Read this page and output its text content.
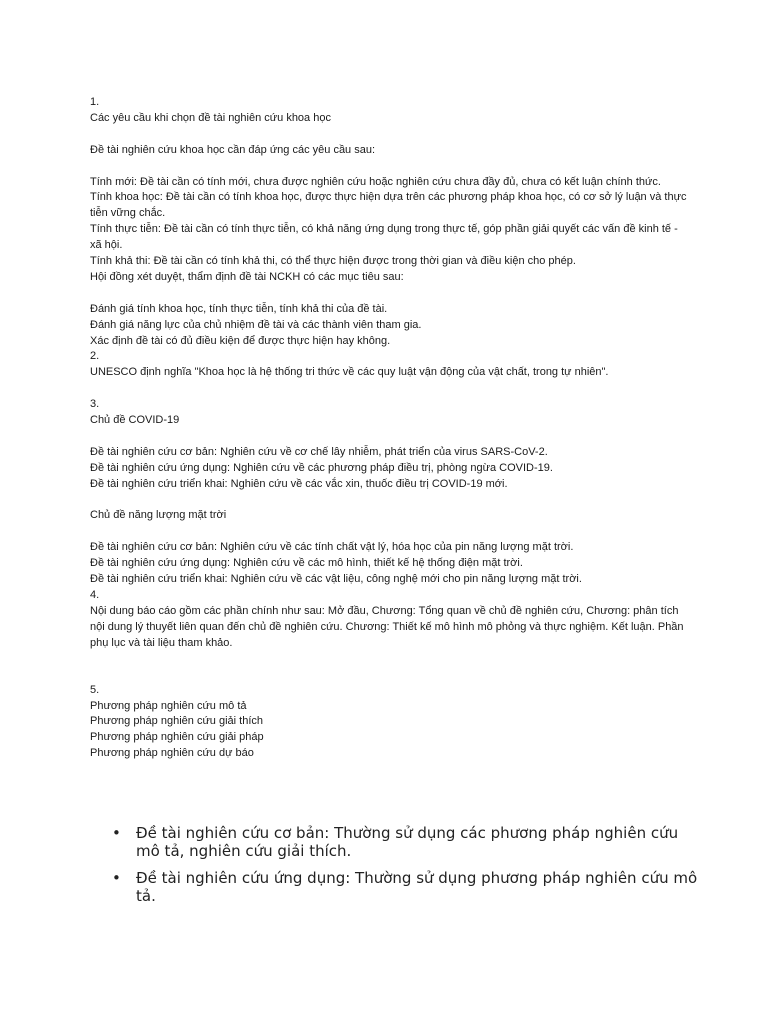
1.
Các yêu cầu khi chọn đề tài nghiên cứu khoa học
Đề tài nghiên cứu khoa học cần đáp ứng các yêu cầu sau:
Tính mới: Đề tài cần có tính mới, chưa được nghiên cứu hoặc nghiên cứu chưa đầy đủ, chưa có kết luận chính thức.
Tính khoa học: Đề tài cần có tính khoa học, được thực hiện dựa trên các phương pháp khoa học, có cơ sở lý luận và thực tiễn vững chắc.
Tính thực tiễn: Đề tài cần có tính thực tiễn, có khả năng ứng dụng trong thực tế, góp phần giải quyết các vấn đề kinh tế - xã hội.
Tính khả thi: Đề tài cần có tính khả thi, có thể thực hiện được trong thời gian và điều kiện cho phép.
Hội đồng xét duyệt, thẩm định đề tài NCKH có các mục tiêu sau:
Đánh giá tính khoa học, tính thực tiễn, tính khả thi của đề tài.
Đánh giá năng lực của chủ nhiệm đề tài và các thành viên tham gia.
Xác định đề tài có đủ điều kiện để được thực hiện hay không.
2.
UNESCO định nghĩa "Khoa học là hệ thống tri thức về các quy luật vận động của vật chất, trong tự nhiên".
3.
Chủ đề COVID-19
Đề tài nghiên cứu cơ bản: Nghiên cứu về cơ chế lây nhiễm, phát triển của virus SARS-CoV-2.
Đề tài nghiên cứu ứng dụng: Nghiên cứu về các phương pháp điều trị, phòng ngừa COVID-19.
Đề tài nghiên cứu triển khai: Nghiên cứu về các vắc xin, thuốc điều trị COVID-19 mới.
Chủ đề năng lượng mặt trời
Đề tài nghiên cứu cơ bản: Nghiên cứu về các tính chất vật lý, hóa học của pin năng lượng mặt trời.
Đề tài nghiên cứu ứng dụng: Nghiên cứu về các mô hình, thiết kế hệ thống điện mặt trời.
Đề tài nghiên cứu triển khai: Nghiên cứu về các vật liệu, công nghệ mới cho pin năng lượng mặt trời.
4.
Nội dung báo cáo gồm các phần chính như sau: Mở đầu, Chương: Tổng quan về chủ đề nghiên cứu, Chương: phân tích nội dung lý thuyết liên quan đến chủ đề nghiên cứu. Chương: Thiết kế mô hình mô phỏng và thực nghiệm. Kết luận. Phần phụ lục và tài liệu tham khảo.
5.
Phương pháp nghiên cứu mô tả
Phương pháp nghiên cứu giải thích
Phương pháp nghiên cứu giải pháp
Phương pháp nghiên cứu dự báo
• Đề tài nghiên cứu cơ bản: Thường sử dụng các phương pháp nghiên cứu mô tả, nghiên cứu giải thích.
• Đề tài nghiên cứu ứng dụng: Thường sử dụng phương pháp nghiên cứu mô tả.
